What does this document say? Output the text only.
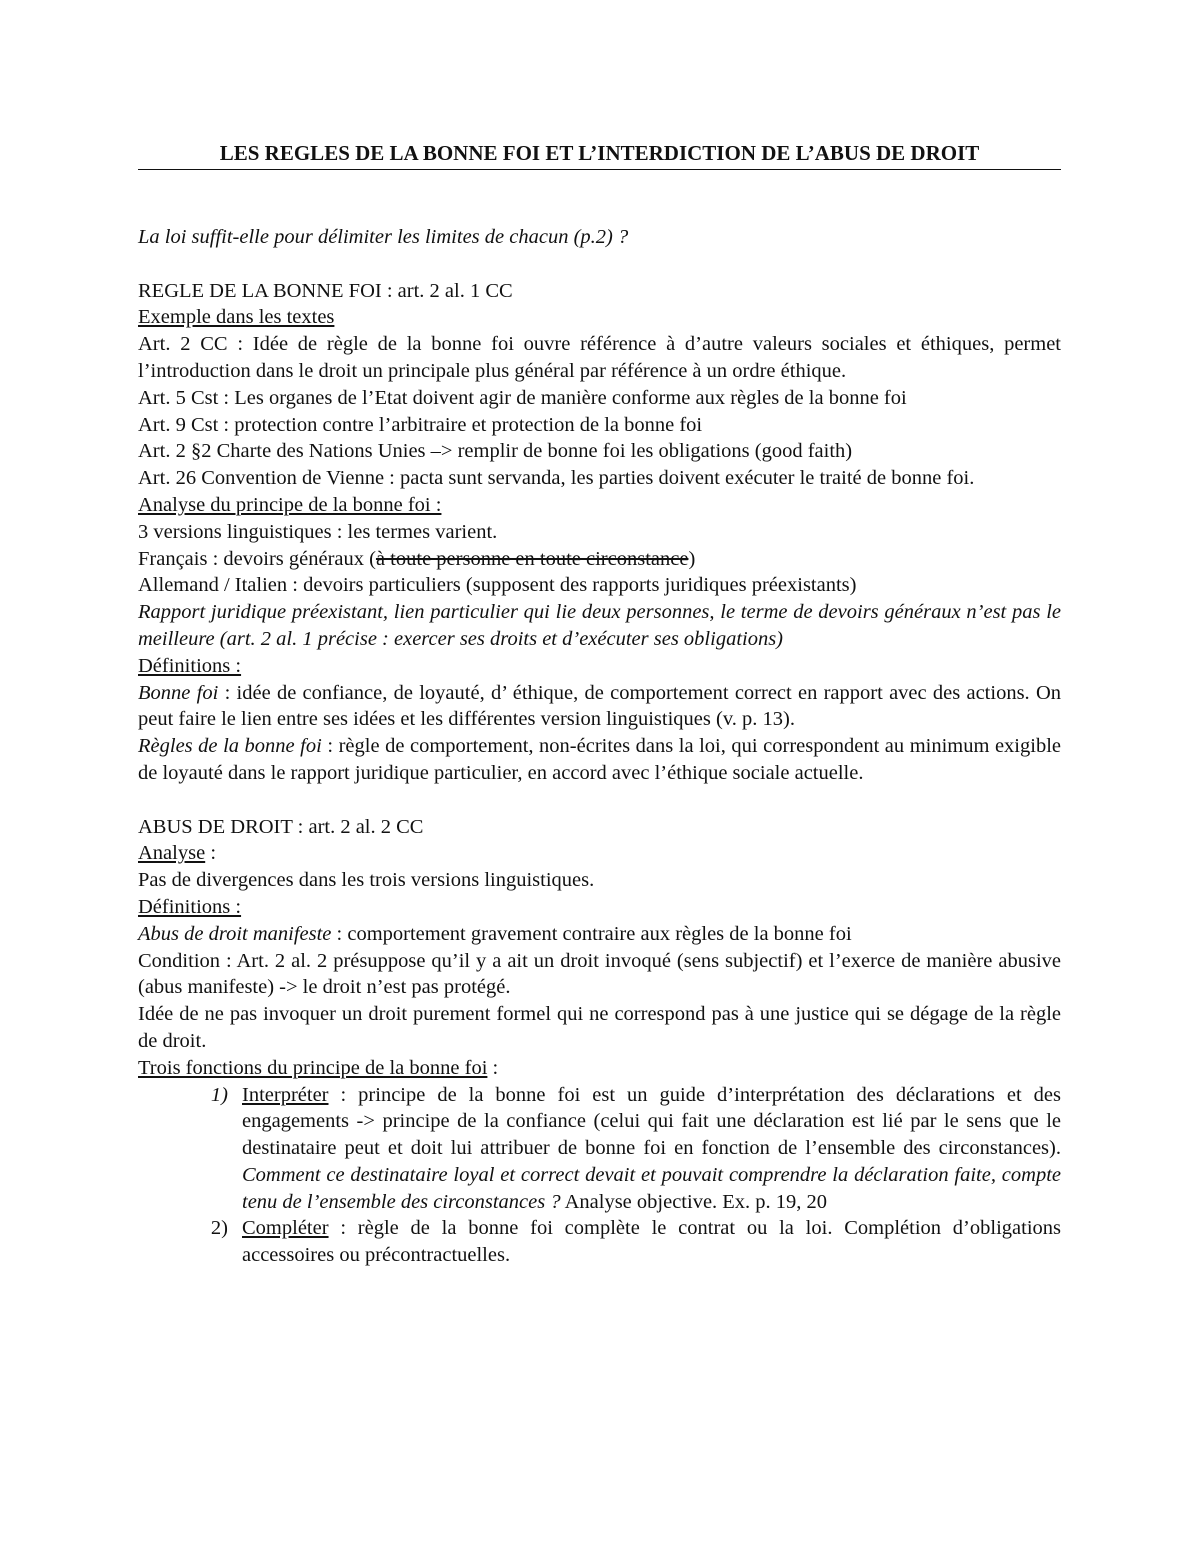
LES REGLES DE LA BONNE FOI ET L’INTERDICTION DE L’ABUS DE DROIT

La loi suffit-elle pour délimiter les limites de chacun (p.2) ?

REGLE DE LA BONNE FOI : art. 2 al. 1 CC

Exemple dans les textes

Art. 2 CC : Idée de règle de la bonne foi ouvre référence à d’autre valeurs sociales et éthiques, permet l’introduction dans le droit un principale plus général par référence à un ordre éthique.

Art. 5 Cst : Les organes de l’Etat doivent agir de manière conforme aux règles de la bonne foi

Art. 9 Cst : protection contre l’arbitraire et protection de la bonne foi

Art. 2 §2 Charte des Nations Unies –> remplir de bonne foi les obligations (good faith)

Art. 26 Convention de Vienne : pacta sunt servanda, les parties doivent exécuter le traité de bonne foi.

Analyse du principe de la bonne foi :

3 versions linguistiques : les termes varient.

Français : devoirs généraux (à toute personne en toute circonstance)

Allemand / Italien : devoirs particuliers (supposent des rapports juridiques préexistants)

Rapport juridique préexistant, lien particulier qui lie deux personnes, le terme de devoirs généraux n’est pas le meilleure (art. 2 al. 1 précise : exercer ses droits et d’exécuter ses obligations)

Définitions :

Bonne foi : idée de confiance, de loyauté, d’ éthique, de comportement correct en rapport avec des actions. On peut faire le lien entre ses idées et les différentes version linguistiques (v. p. 13).

Règles de la bonne foi : règle de comportement, non-écrites dans la loi, qui correspondent au minimum exigible de loyauté dans le rapport juridique particulier, en accord avec l’éthique sociale actuelle.

ABUS DE DROIT : art. 2 al. 2 CC

Analyse :

Pas de divergences dans les trois versions linguistiques.

Définitions :

Abus de droit manifeste : comportement gravement contraire aux règles de la bonne foi

Condition : Art. 2 al. 2 présuppose qu’il y a ait un droit invoqué (sens subjectif) et l’exerce de manière abusive (abus manifeste) -> le droit n’est pas protégé.

Idée de ne pas invoquer un droit purement formel qui ne correspond pas à une justice qui se dégage de la règle de droit.

Trois fonctions du principe de la bonne foi :

1) Interpréter : principe de la bonne foi est un guide d’interprétation des déclarations et des engagements -> principe de la confiance (celui qui fait une déclaration est lié par le sens que le destinataire peut et doit lui attribuer de bonne foi en fonction de l’ensemble des circonstances). Comment ce destinataire loyal et correct devait et pouvait comprendre la déclaration faite, compte tenu de l’ensemble des circonstances ? Analyse objective. Ex. p. 19, 20
2) Compléter : règle de la bonne foi complète le contrat ou la loi. Complétion d’obligations accessoires ou précontractuelles.
